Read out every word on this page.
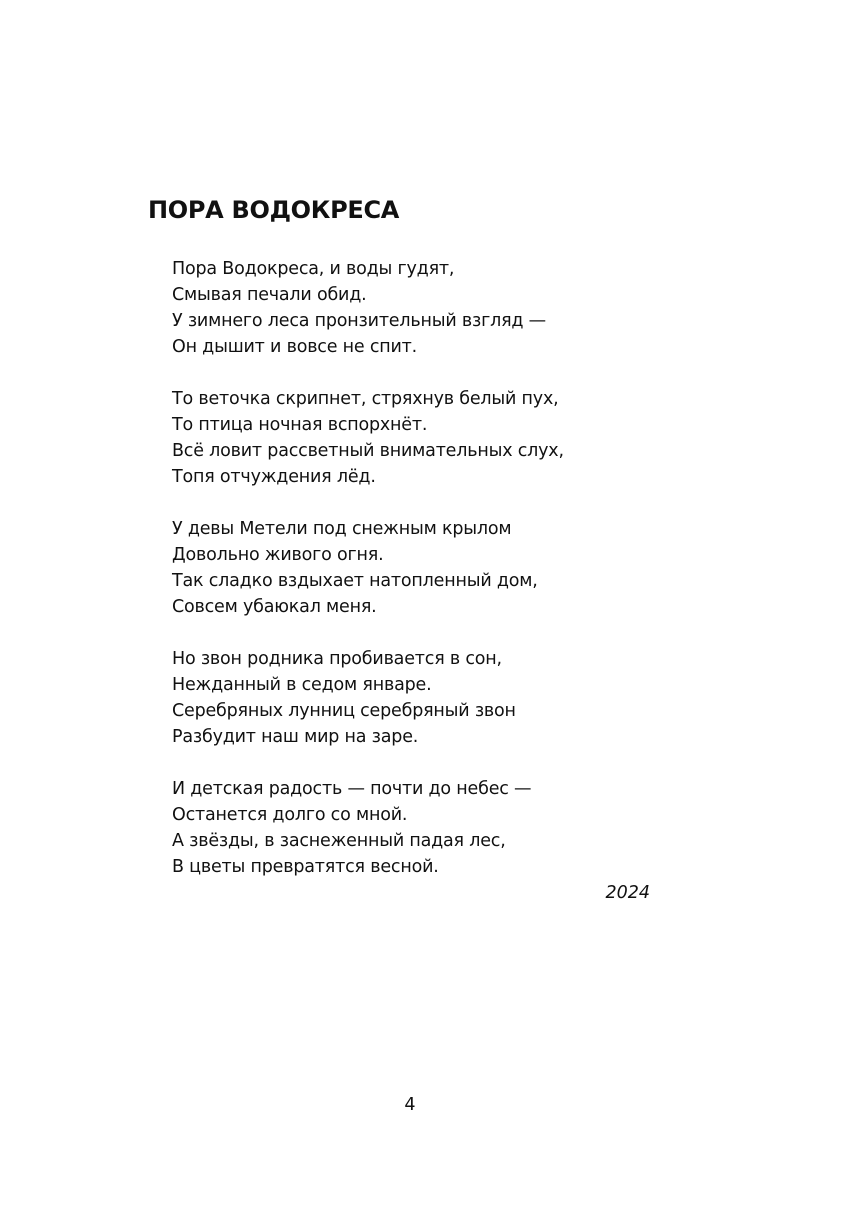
ПОРА ВОДОКРЕСА
Пора Водокреса, и воды гудят,
Смывая печали обид.
У зимнего леса пронзительный взгляд —
Он дышит и вовсе не спит.
То веточка скрипнет, стряхнув белый пух,
То птица ночная вспорхнёт.
Всё ловит рассветный внимательных слух,
Топя отчуждения лёд.
У девы Метели под снежным крылом
Довольно живого огня.
Так сладко вздыхает натопленный дом,
Совсем убаюкал меня.
Но звон родника пробивается в сон,
Нежданный в седом январе.
Серебряных лунниц серебряный звон
Разбудит наш мир на заре.
И детская радость — почти до небес —
Останется долго со мной.
А звёзды, в заснеженный падая лес,
В цветы превратятся весной.
2024
4
